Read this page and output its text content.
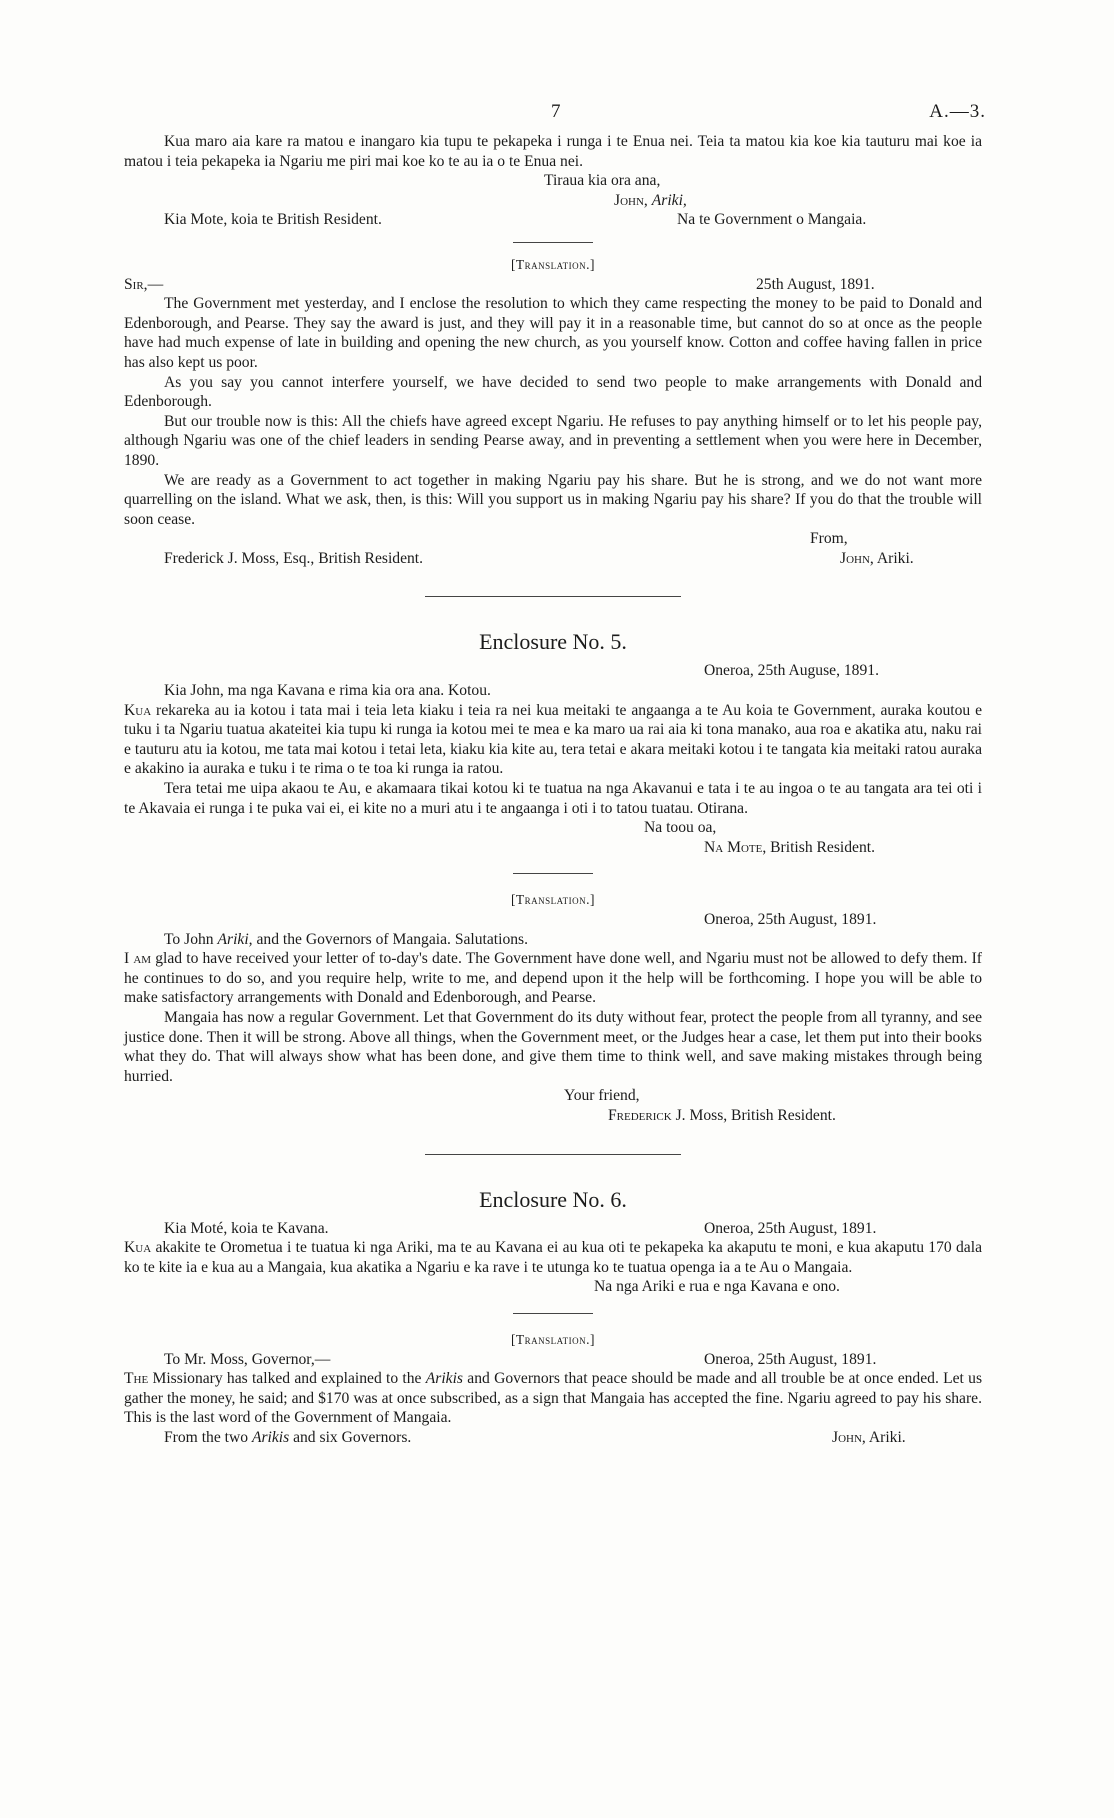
7	A.—3.

Kua maro aia kare ra matou e inangaro kia tupu te pekapeka i runga i te Enua nei. Teia ta matou kia koe kia tauturu mai koe ia matou i teia pekapeka ia Ngariu me piri mai koe ko te au ia o te Enua nei.

Tiraua kia ora ana,
John, Ariki,
Kia Mote, koia te British Resident.	Na te Government o Mangaia.
[Translation.]
Sir,—	25th August, 1891.

The Government met yesterday, and I enclose the resolution to which they came respecting the money to be paid to Donald and Edenborough, and Pearse. They say the award is just, and they will pay it in a reasonable time, but cannot do so at once as the people have had much expense of late in building and opening the new church, as you yourself know. Cotton and coffee having fallen in price has also kept us poor.

As you say you cannot interfere yourself, we have decided to send two people to make arrangements with Donald and Edenborough.

But our trouble now is this: All the chiefs have agreed except Ngariu. He refuses to pay anything himself or to let his people pay, although Ngariu was one of the chief leaders in sending Pearse away, and in preventing a settlement when you were here in December, 1890.

We are ready as a Government to act together in making Ngariu pay his share. But he is strong, and we do not want more quarrelling on the island. What we ask, then, is this: Will you support us in making Ngariu pay his share? If you do that the trouble will soon cease.

From,
Frederick J. Moss, Esq., British Resident.	John, Ariki.
Enclosure No. 5.
Oneroa, 25th Auguse, 1891.

Kia John, ma nga Kavana e rima kia ora ana. Kotou.

Kua rekareka au ia kotou i tata mai i teia leta kiaku i teia ra nei kua meitaki te angaanga a te Au koia te Government, auraka koutou e tuku i ta Ngariu tuatua akateitei kia tupu ki runga ia kotou mei te mea e ka maro ua rai aia ki tona manako, aua roa e akatika atu, naku rai e tauturu atu ia kotou, me tata mai kotou i tetai leta, kiaku kia kite au, tera tetai e akara meitaki kotou i te tangata kia meitaki ratou auraka e akakino ia auraka e tuku i te rima o te toa ki runga ia ratou.

Tera tetai me uipa akaou te Au, e akamaara tikai kotou ki te tuatua na nga Akavanui e tata i te au ingoa o te au tangata ara tei oti i te Akavaia ei runga i te puka vai ei, ei kite no a muri atu i te angaanga i oti i to tatou tuatau. Otirana.

Na toou oa,
Na Mote, British Resident.
[Translation.]
Oneroa, 25th August, 1891.

To John Ariki, and the Governors of Mangaia. Salutations.

I am glad to have received your letter of to-day's date. The Government have done well, and Ngariu must not be allowed to defy them. If he continues to do so, and you require help, write to me, and depend upon it the help will be forthcoming. I hope you will be able to make satisfactory arrangements with Donald and Edenborough, and Pearse.

Mangaia has now a regular Government. Let that Government do its duty without fear, protect the people from all tyranny, and see justice done. Then it will be strong. Above all things, when the Government meet, or the Judges hear a case, let them put into their books what they do. That will always show what has been done, and give them time to think well, and save making mistakes through being hurried.

Your friend,
Frederick J. Moss, British Resident.
Enclosure No. 6.
Kia Moté, koia te Kavana.	Oneroa, 25th August, 1891.

Kua akakite te Orometua i te tuatua ki nga Ariki, ma te au Kavana ei au kua oti te pekapeka ka akaputu te moni, e kua akaputu 170 dala ko te kite ia e kua au a Mangaia, kua akatika a Ngariu e ka rave i te utunga ko te tuatua openga ia a te Au o Mangaia.

Na nga Ariki e rua e nga Kavana e ono.
[Translation.]
To Mr. Moss, Governor,—	Oneroa, 25th August, 1891.

The Missionary has talked and explained to the Arikis and Governors that peace should be made and all trouble be at once ended. Let us gather the money, he said; and $170 was at once subscribed, as a sign that Mangaia has accepted the fine. Ngariu agreed to pay his share. This is the last word of the Government of Mangaia.

From the two Arikis and six Governors.	John, Ariki.
